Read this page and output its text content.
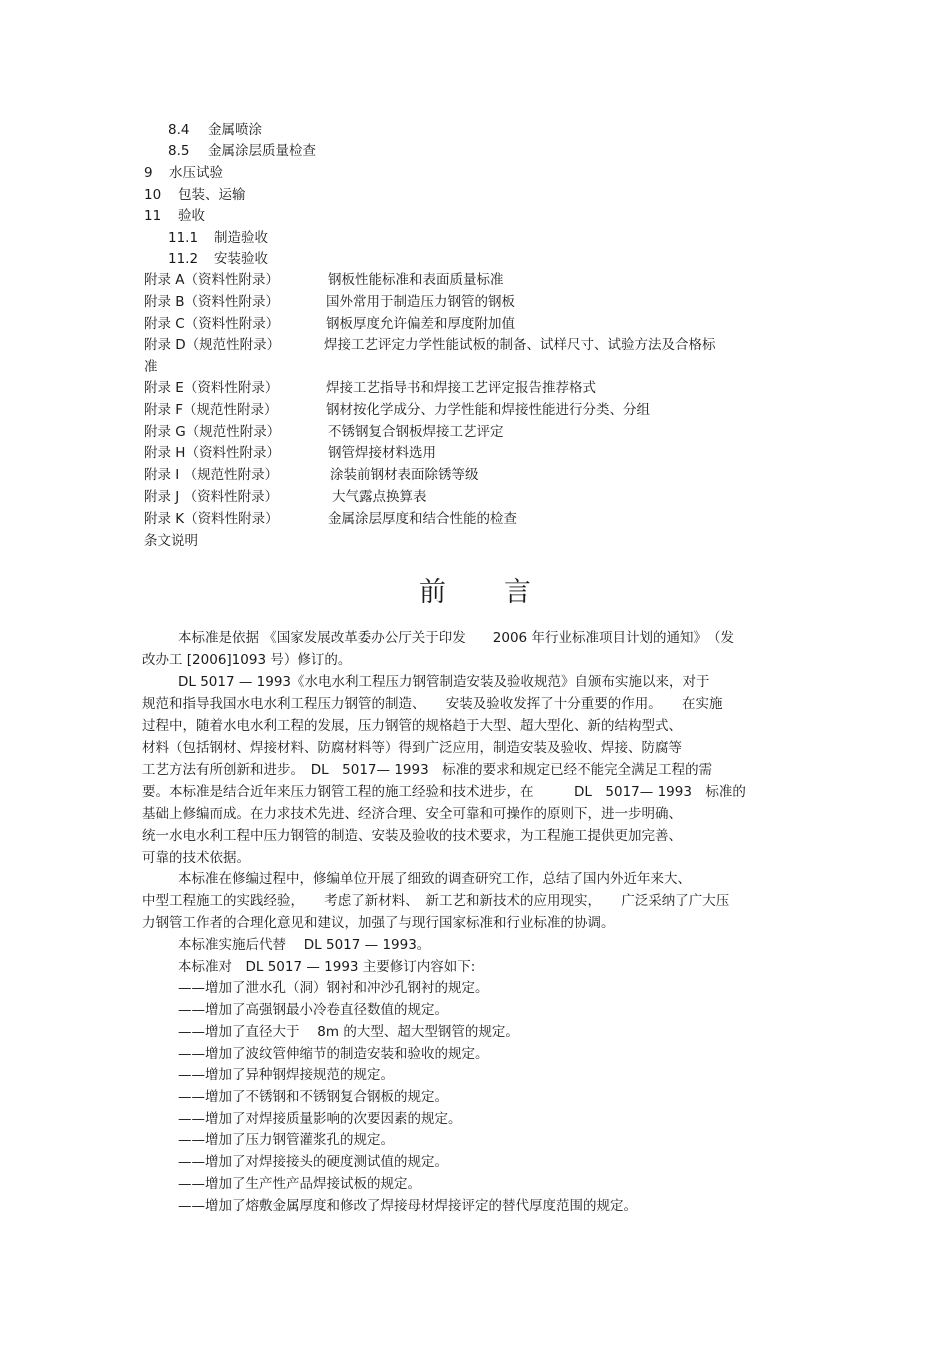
8.4 金属喷涂
8.5 金属涂层质量检查
9 水压试验
10 包装、运输
11 验收
11.1 制造验收
11.2 安装验收
附录 A（资料性附录）	钢板性能标准和表面质量标准
附录 B（资料性附录）	国外常用于制造压力钢管的钢板
附录 C（资料性附录）	钢板厚度允许偏差和厚度附加值
附录 D（规范性附录）	焊接工艺评定力学性能试板的制备、试样尺寸、试验方法及合格标
准
附录 E（资料性附录）	焊接工艺指导书和焊接工艺评定报告推荐格式
附录 F（规范性附录）	钢材按化学成分、力学性能和焊接性能进行分类、分组
附录 G（规范性附录）	不锈钢复合钢板焊接工艺评定
附录 H（资料性附录）	钢管焊接材料选用
附录 I （规范性附录）	涂装前钢材表面除锈等级
附录 J （资料性附录）	大气露点换算表
附录 K（资料性附录）	金属涂层厚度和结合性能的检查
条文说明
前言
本标准是依据 《国家发展改革委办公厅关于印发　　2006 年行业标准项目计划的通知》　（发
改办工 [2006]1093 号）修订的。
DL 5017 — 1993《水电水利工程压力钢管制造安装及验收规范》自颁布实施以来，对于
规范和指导我国水电水利工程压力钢管的制造、　　安装及验收发挥了十分重要的作用。　　在实施
过程中，随着水电水利工程的发展，压力钢管的规格趋于大型、超大型化、新的结构型式、
材料（包括钢材、焊接材料、防腐材料等）得到广泛应用，制造安装及验收、焊接、防腐等
工艺方法有所创新和进步。　DL　5017— 1993　标准的要求和规定已经不能完全满足工程的需
要。本标准是结合近年来压力钢管工程的施工经验和技术进步，在　　　DL　5017— 1993　标准的
基础上修编而成。在力求技术先进、经济合理、安全可靠和可操作的原则下，进一步明确、
统一水电水利工程中压力钢管的制造、安装及验收的技术要求，为工程施工提供更加完善、
可靠的技术依据。
本标准在修编过程中，修编单位开展了细致的调查研究工作，总结了国内外近年来大、
中型工程施工的实践经验，　　考虑了新材料、　新工艺和新技术的应用现实，　　广泛采纳了广大压
力钢管工作者的合理化意见和建议，加强了与现行国家标准和行业标准的协调。
本标准实施后代替　 DL 5017 — 1993。
本标准对　DL 5017 — 1993 主要修订内容如下:
——增加了泄水孔（洞）钢衬和冲沙孔钢衬的规定。
——增加了高强钢最小冷卷直径数值的规定。
——增加了直径大于　 8m 的大型、超大型钢管的规定。
——增加了波纹管伸缩节的制造安装和验收的规定。
——增加了异种钢焊接规范的规定。
——增加了不锈钢和不锈钢复合钢板的规定。
——增加了对焊接质量影响的次要因素的规定。
——增加了压力钢管灌浆孔的规定。
——增加了对焊接接头的硬度测试值的规定。
——增加了生产性产品焊接试板的规定。
——增加了熔敷金属厚度和修改了焊接母材焊接评定的替代厚度范围的规定。
